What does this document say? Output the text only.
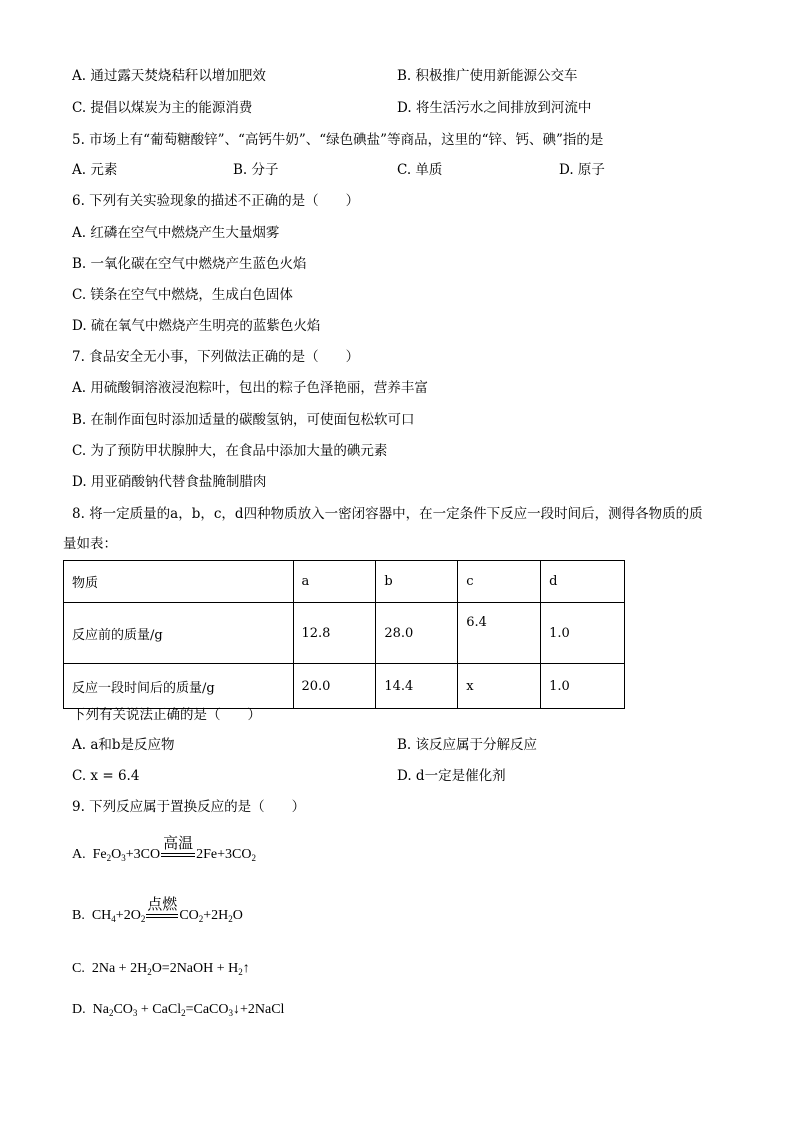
A. 通过露天焚烧秸秆以增加肥效	B. 积极推广使用新能源公交车
C. 提倡以煤炭为主的能源消费	D. 将生活污水之间排放到河流中
5. 市场上有“葡萄糖酸锌”、“高钙牛奶”、“绿色碘盐”等商品，这里的“锌、钙、碘”指的是
A. 元素	B. 分子	C. 单质	D. 原子
6. 下列有关实验现象的描述不正确的是（　　）
A. 红磷在空气中燃烧产生大量烟雾
B. 一氧化碳在空气中燃烧产生蓝色火焰
C. 镁条在空气中燃烧，生成白色固体
D. 硫在氧气中燃烧产生明亮的蓝紫色火焰
7. 食品安全无小事，下列做法正确的是（　　）
A. 用硫酸铜溶液浸泡粽叶，包出的粽子色泽艳丽，营养丰富
B. 在制作面包时添加适量的碳酸氢钠，可使面包松软可口
C. 为了预防甲状腺肿大，在食品中添加大量的碘元素
D. 用亚硝酸钠代替食盐腌制腊肉
8. 将一定质量的a，b，c，d四种物质放入一密闭容器中，在一定条件下反应一段时间后，测得各物质的质
量如表：
物质	a	b	c	d
反应前的质量/g	12.8	28.0	6.4	1.0
反应一段时间后的质量/g	20.0	14.4	x	1.0
下列有关说法正确的是（　　）
A. a和b是反应物	B. 该反应属于分解反应
C. x = 6.4	D. d一定是催化剂
9. 下列反应属于置换反应的是（　　）
A.  $Fe_2O_3+3CO$
高温
$2Fe+3CO_2$
B.  $CH_4+2O_2$
点燃
$CO_2+2H_2O$
C.  $2Na + 2H_2O=2NaOH$ + $H_2↑$
D.  $Na_2CO_3$ + CaCl$_2$=CaCO$_3$↓+2NaCl
